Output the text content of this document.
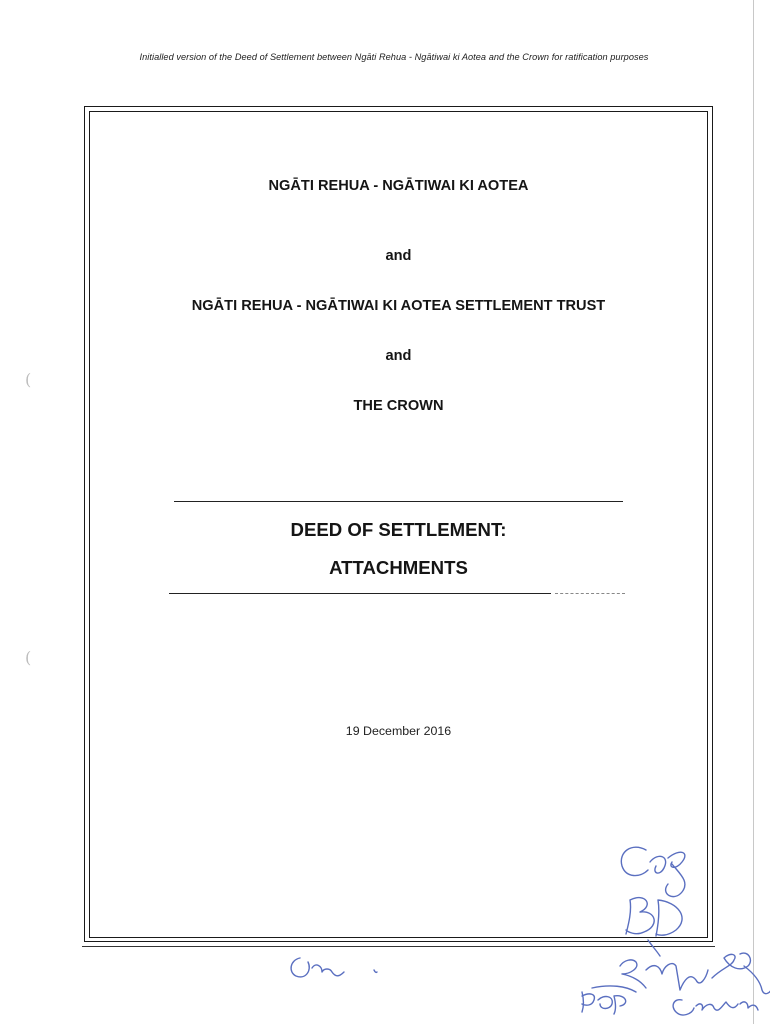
Initialled version of the Deed of Settlement between Ngāti Rehua - Ngātiwai ki Aotea and the Crown for ratification purposes
NGĀTI REHUA - NGĀTIWAI KI AOTEA
and
NGĀTI REHUA - NGĀTIWAI KI AOTEA SETTLEMENT TRUST
and
THE CROWN
DEED OF SETTLEMENT:
ATTACHMENTS
19 December 2016
(
(
